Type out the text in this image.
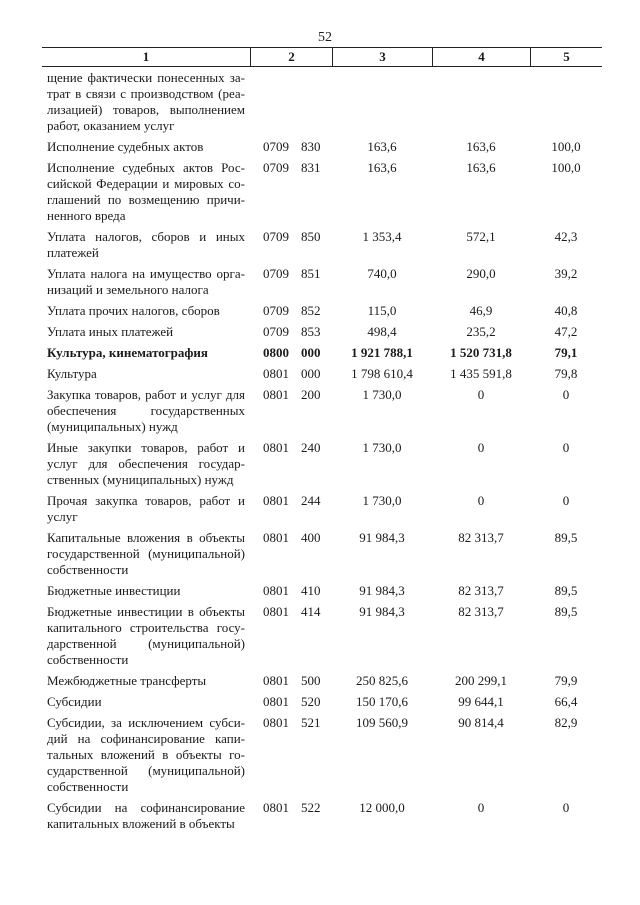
52
1	2	3	4	5
щение фактически понесенных за-
трат в связи с производством (реа-
лизацией) товаров, выполнением
работ, оказанием услуг
Исполнение судебных актов	0709 830	163,6	163,6	100,0
Исполнение судебных актов Рос-
сийской Федерации и мировых со-
глашений по возмещению причи-
ненного вреда
0709 831	163,6	163,6	100,0
Уплата налогов, сборов и иных
платежей
0709 850	1 353,4	572,1	42,3
Уплата налога на имущество орга-
низаций и земельного налога
0709 851	740,0	290,0	39,2
Уплата прочих налогов, сборов	0709 852	115,0	46,9	40,8
Уплата иных платежей	0709 853	498,4	235,2	47,2
Культура, кинематография	0800 000	1 921 788,1	1 520 731,8	79,1
Культура	0801 000	1 798 610,4	1 435 591,8	79,8
Закупка товаров, работ и услуг для
обеспечения государственных
(муниципальных) нужд
0801 200	1 730,0	0	0
Иные закупки товаров, работ и
услуг для обеспечения государ-
ственных (муниципальных) нужд
0801 240	1 730,0	0	0
Прочая закупка товаров, работ и
услуг
0801 244	1 730,0	0	0
Капитальные вложения в объекты
государственной (муниципальной)
собственности
0801 400	91 984,3	82 313,7	89,5
Бюджетные инвестиции	0801 410	91 984,3	82 313,7	89,5
Бюджетные инвестиции в объекты
капитального строительства госу-
дарственной (муниципальной)
собственности
0801 414	91 984,3	82 313,7	89,5
Межбюджетные трансферты	0801 500	250 825,6	200 299,1	79,9
Субсидии	0801 520	150 170,6	99 644,1	66,4
Субсидии, за исключением субси-
дий на софинансирование капи-
тальных вложений в объекты го-
сударственной (муниципальной)
собственности
0801 521	109 560,9	90 814,4	82,9
Субсидии на софинансирование
капитальных вложений в объекты
0801 522	12 000,0	0	0
